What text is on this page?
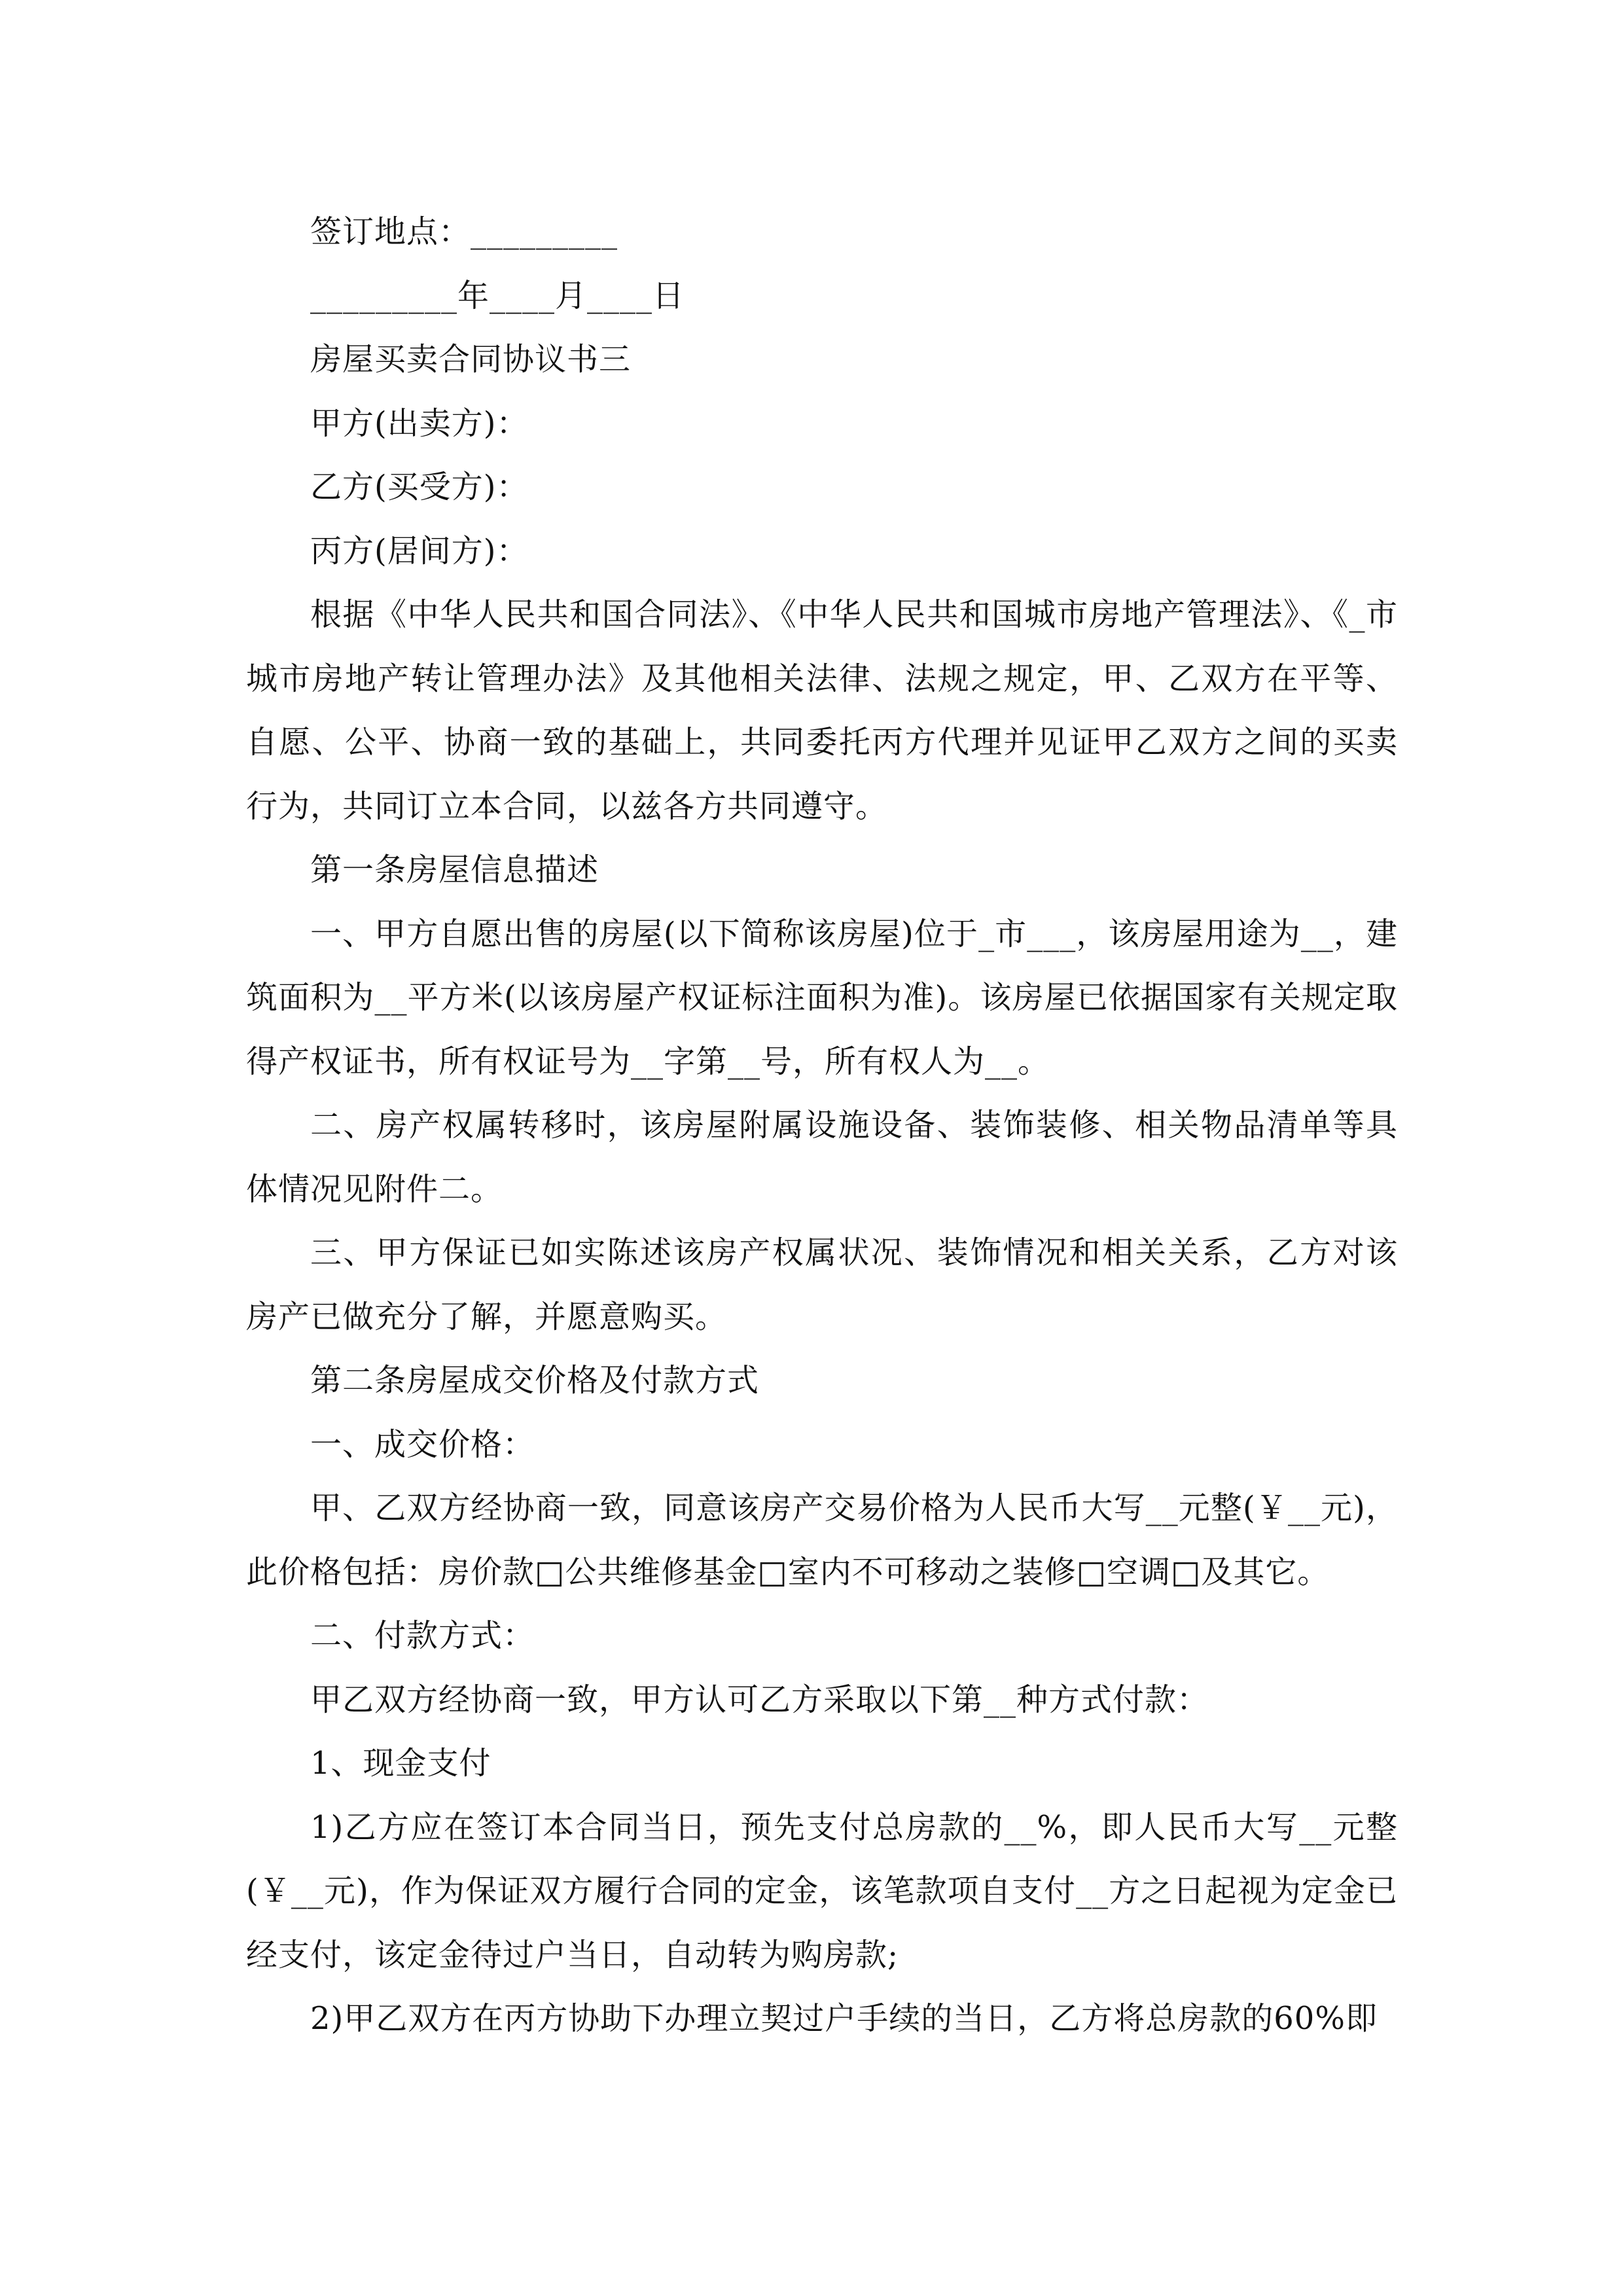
签订地点：_________

_________年____月____日

房屋买卖合同协议书三

甲方(出卖方)：

乙方(买受方)：

丙方(居间方)：

根据《中华人民共和国合同法》、《中华人民共和国城市房地产管理法》、《_市城市房地产转让管理办法》及其他相关法律、法规之规定，甲、乙双方在平等、自愿、公平、协商一致的基础上，共同委托丙方代理并见证甲乙双方之间的买卖行为，共同订立本合同，以兹各方共同遵守。

第一条房屋信息描述

一、甲方自愿出售的房屋(以下简称该房屋)位于_市___，该房屋用途为__，建筑面积为__平方米(以该房屋产权证标注面积为准)。该房屋已依据国家有关规定取得产权证书，所有权证号为__字第__号，所有权人为__。

二、房产权属转移时，该房屋附属设施设备、装饰装修、相关物品清单等具体情况见附件二。

三、甲方保证已如实陈述该房产权属状况、装饰情况和相关关系，乙方对该房产已做充分了解，并愿意购买。

第二条房屋成交价格及付款方式

一、成交价格：

甲、乙双方经协商一致，同意该房产交易价格为人民币大写__元整(￥__元)，此价格包括：房价款□公共维修基金□室内不可移动之装修□空调□及其它。

二、付款方式：

甲乙双方经协商一致，甲方认可乙方采取以下第__种方式付款：

1、现金支付

1)乙方应在签订本合同当日，预先支付总房款的__%，即人民币大写__元整(￥__元)，作为保证双方履行合同的定金，该笔款项自支付__方之日起视为定金已经支付，该定金待过户当日，自动转为购房款;

2)甲乙双方在丙方协助下办理立契过户手续的当日，乙方将总房款的60%即
